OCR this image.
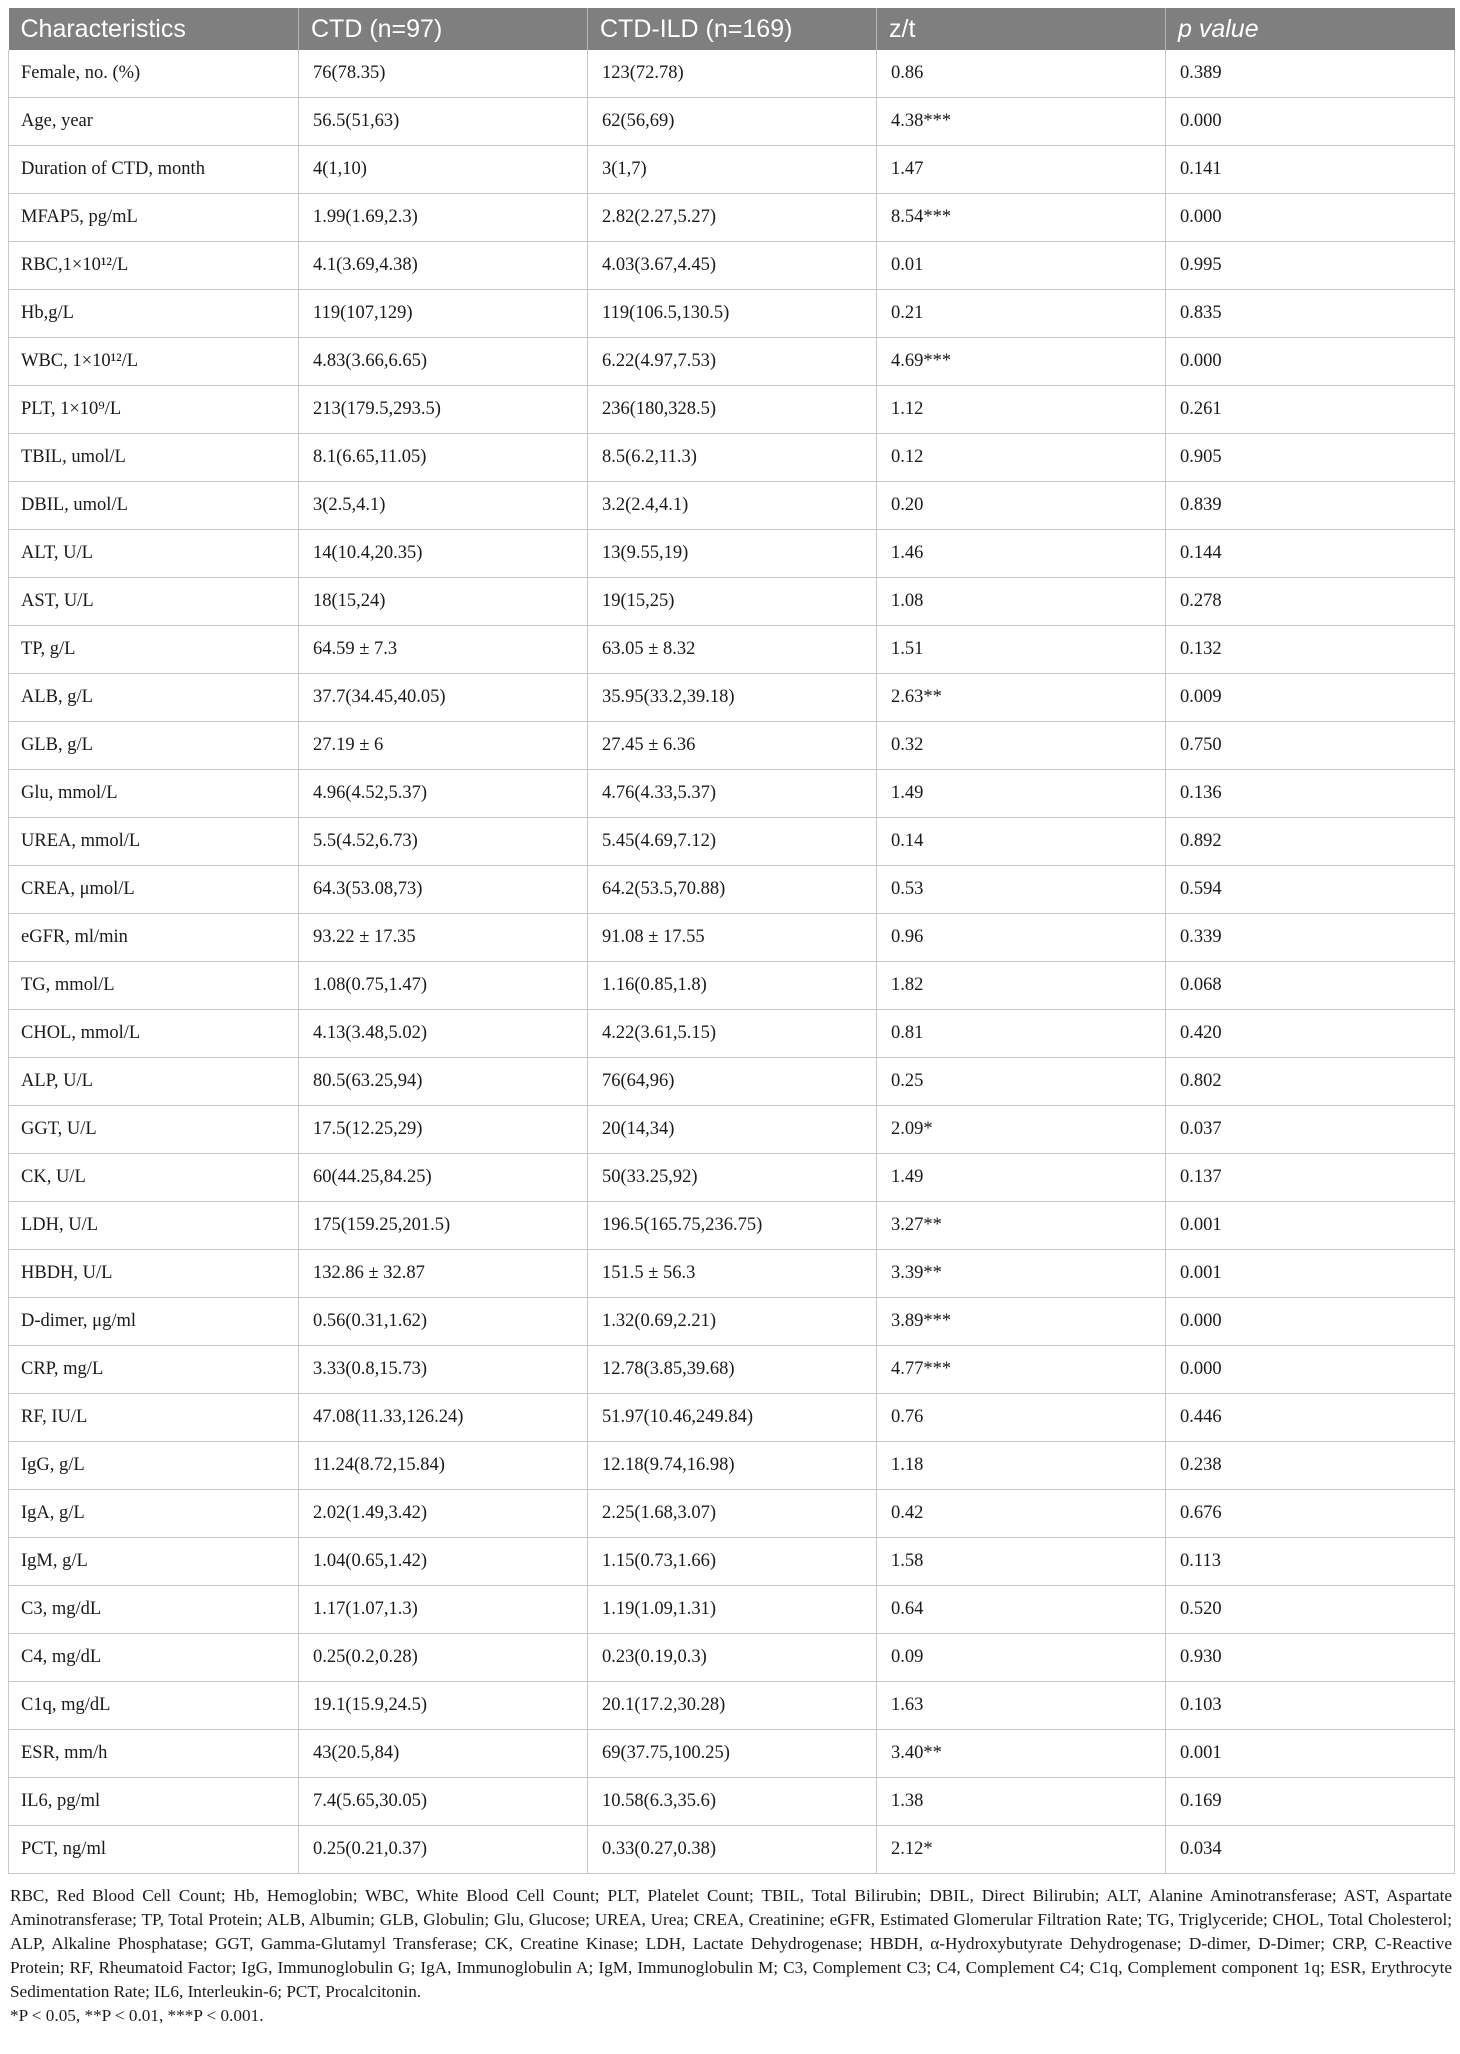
Characteristics	CTD (n=97)	CTD-ILD (n=169)	z/t	p value
Female, no. (%)	76(78.35)	123(72.78)	0.86	0.389
Age, year	56.5(51,63)	62(56,69)	4.38***	0.000
Duration of CTD, month	4(1,10)	3(1,7)	1.47	0.141
MFAP5, pg/mL	1.99(1.69,2.3)	2.82(2.27,5.27)	8.54***	0.000
RBC,1×10¹²/L	4.1(3.69,4.38)	4.03(3.67,4.45)	0.01	0.995
Hb,g/L	119(107,129)	119(106.5,130.5)	0.21	0.835
WBC, 1×10¹²/L	4.83(3.66,6.65)	6.22(4.97,7.53)	4.69***	0.000
PLT, 1×10⁹/L	213(179.5,293.5)	236(180,328.5)	1.12	0.261
TBIL, umol/L	8.1(6.65,11.05)	8.5(6.2,11.3)	0.12	0.905
DBIL, umol/L	3(2.5,4.1)	3.2(2.4,4.1)	0.20	0.839
ALT, U/L	14(10.4,20.35)	13(9.55,19)	1.46	0.144
AST, U/L	18(15,24)	19(15,25)	1.08	0.278
TP, g/L	64.59 ± 7.3	63.05 ± 8.32	1.51	0.132
ALB, g/L	37.7(34.45,40.05)	35.95(33.2,39.18)	2.63**	0.009
GLB, g/L	27.19 ± 6	27.45 ± 6.36	0.32	0.750
Glu, mmol/L	4.96(4.52,5.37)	4.76(4.33,5.37)	1.49	0.136
UREA, mmol/L	5.5(4.52,6.73)	5.45(4.69,7.12)	0.14	0.892
CREA, μmol/L	64.3(53.08,73)	64.2(53.5,70.88)	0.53	0.594
eGFR, ml/min	93.22 ± 17.35	91.08 ± 17.55	0.96	0.339
TG, mmol/L	1.08(0.75,1.47)	1.16(0.85,1.8)	1.82	0.068
CHOL, mmol/L	4.13(3.48,5.02)	4.22(3.61,5.15)	0.81	0.420
ALP, U/L	80.5(63.25,94)	76(64,96)	0.25	0.802
GGT, U/L	17.5(12.25,29)	20(14,34)	2.09*	0.037
CK, U/L	60(44.25,84.25)	50(33.25,92)	1.49	0.137
LDH, U/L	175(159.25,201.5)	196.5(165.75,236.75)	3.27**	0.001
HBDH, U/L	132.86 ± 32.87	151.5 ± 56.3	3.39**	0.001
D-dimer, μg/ml	0.56(0.31,1.62)	1.32(0.69,2.21)	3.89***	0.000
CRP, mg/L	3.33(0.8,15.73)	12.78(3.85,39.68)	4.77***	0.000
RF, IU/L	47.08(11.33,126.24)	51.97(10.46,249.84)	0.76	0.446
IgG, g/L	11.24(8.72,15.84)	12.18(9.74,16.98)	1.18	0.238
IgA, g/L	2.02(1.49,3.42)	2.25(1.68,3.07)	0.42	0.676
IgM, g/L	1.04(0.65,1.42)	1.15(0.73,1.66)	1.58	0.113
C3, mg/dL	1.17(1.07,1.3)	1.19(1.09,1.31)	0.64	0.520
C4, mg/dL	0.25(0.2,0.28)	0.23(0.19,0.3)	0.09	0.930
C1q, mg/dL	19.1(15.9,24.5)	20.1(17.2,30.28)	1.63	0.103
ESR, mm/h	43(20.5,84)	69(37.75,100.25)	3.40**	0.001
IL6, pg/ml	7.4(5.65,30.05)	10.58(6.3,35.6)	1.38	0.169
PCT, ng/ml	0.25(0.21,0.37)	0.33(0.27,0.38)	2.12*	0.034
RBC, Red Blood Cell Count; Hb, Hemoglobin; WBC, White Blood Cell Count; PLT, Platelet Count; TBIL, Total Bilirubin; DBIL, Direct Bilirubin; ALT, Alanine Aminotransferase; AST, Aspartate Aminotransferase; TP, Total Protein; ALB, Albumin; GLB, Globulin; Glu, Glucose; UREA, Urea; CREA, Creatinine; eGFR, Estimated Glomerular Filtration Rate; TG, Triglyceride; CHOL, Total Cholesterol; ALP, Alkaline Phosphatase; GGT, Gamma-Glutamyl Transferase; CK, Creatine Kinase; LDH, Lactate Dehydrogenase; HBDH, α-Hydroxybutyrate Dehydrogenase; D-dimer, D-Dimer; CRP, C-Reactive Protein; RF, Rheumatoid Factor; IgG, Immunoglobulin G; IgA, Immunoglobulin A; IgM, Immunoglobulin M; C3, Complement C3; C4, Complement C4; C1q, Complement component 1q; ESR, Erythrocyte Sedimentation Rate; IL6, Interleukin-6; PCT, Procalcitonin.
*P < 0.05, **P < 0.01, ***P < 0.001.
